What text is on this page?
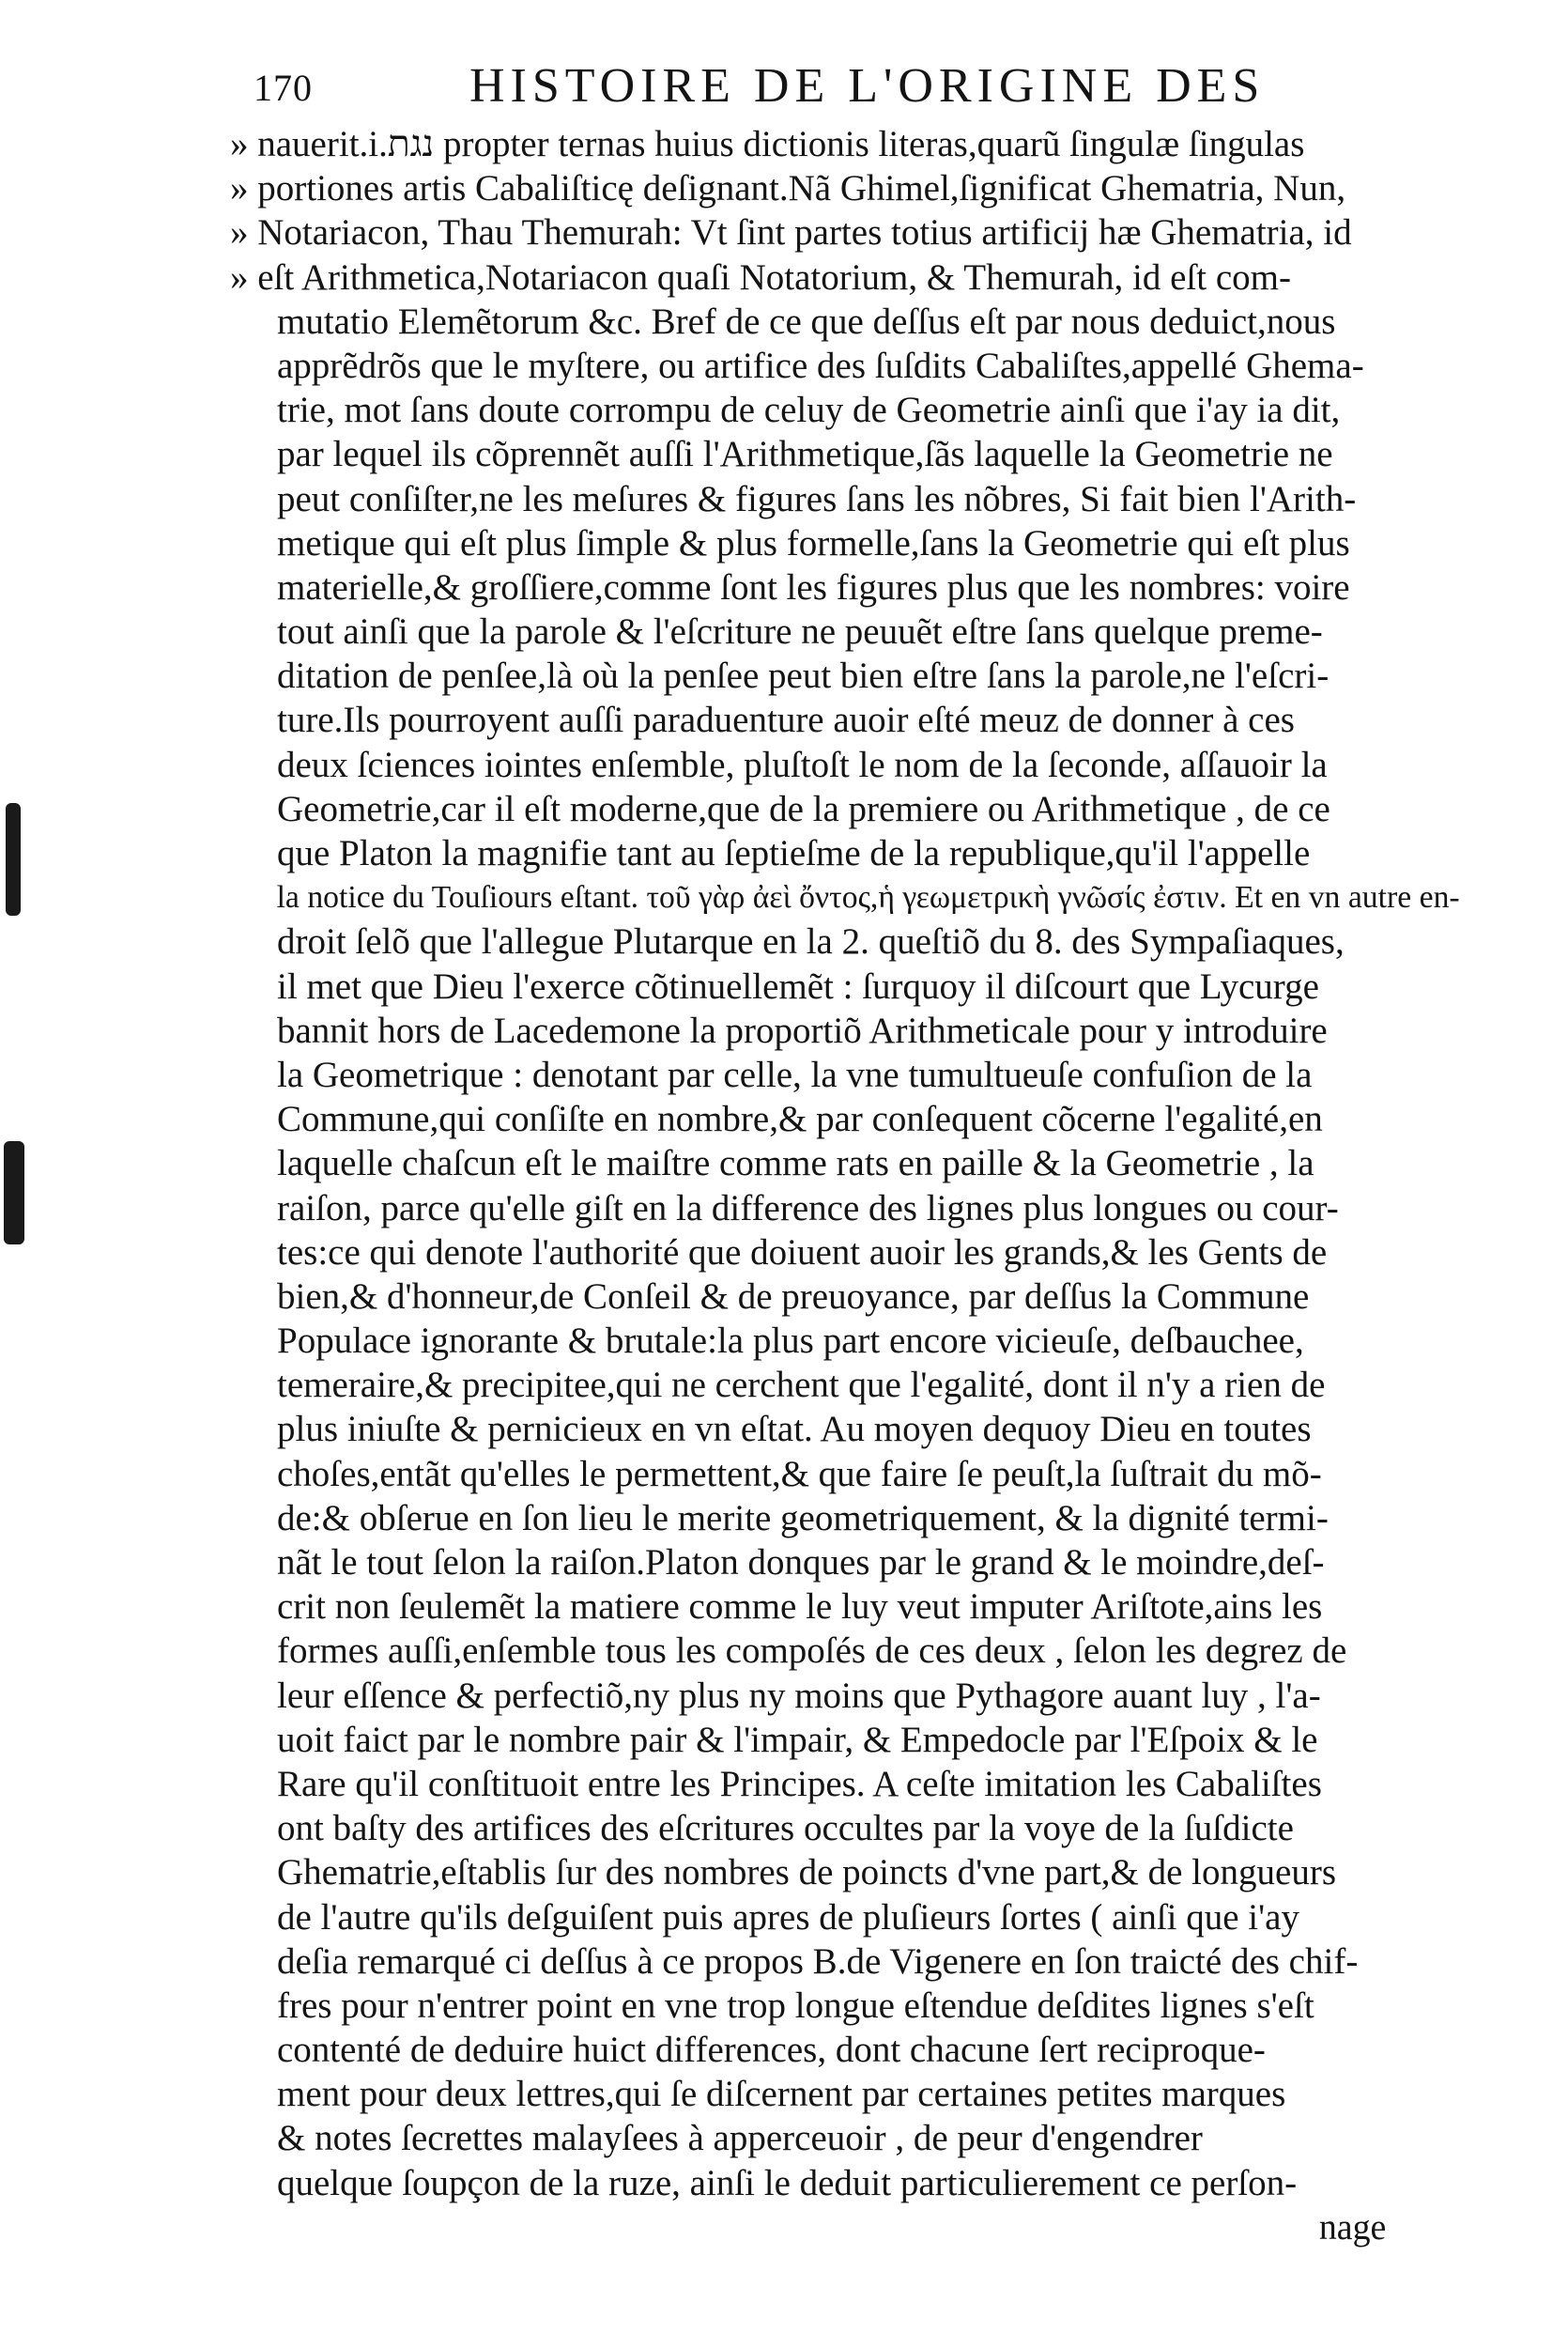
170	HISTOIRE DE L'ORIGINE DES
» nauerit.i.נגת propter ternas huius dictionis literas,quarũ ſingulæ ſingulas
» portiones artis Cabaliſticę deſignant.Nã Ghimel,ſignificat Ghematria, Nun,
» Notariacon, Thau Themurah: Vt ſint partes totius artificij hæ Ghematria, id
» eſt Arithmetica,Notariacon quaſi Notatorium, & Themurah, id eſt com-
mutatio Elemẽtorum &c. Bref de ce que deſſus eſt par nous deduict,nous
apprẽdrõs que le myſtere, ou artifice des ſuſdits Cabaliſtes,appellé Ghema-
trie, mot ſans doute corrompu de celuy de Geometrie ainſi que i'ay ia dit,
par lequel ils cõprennẽt auſſi l'Arithmetique,ſãs laquelle la Geometrie ne
peut conſiſter,ne les meſures & figures ſans les nõbres, Si fait bien l'Arith-
metique qui eſt plus ſimple & plus formelle,ſans la Geometrie qui eſt plus
materielle,& groſſiere,comme ſont les figures plus que les nombres: voire
tout ainſi que la parole & l'eſcriture ne peuuẽt eſtre ſans quelque preme-
ditation de penſee,là où la penſee peut bien eſtre ſans la parole,ne l'eſcri-
ture.Ils pourroyent auſſi paraduenture auoir eſté meuz de donner à ces
deux ſciences iointes enſemble, pluſtoſt le nom de la ſeconde, aſſauoir la
Geometrie,car il eſt moderne,que de la premiere ou Arithmetique , de ce
que Platon la magnifie tant au ſeptieſme de la republique,qu'il l'appelle
la notice du Touſiours eſtant. τοῦ γὰρ ἀεὶ ὄντος,ἡ γεωμετρικὴ γνῶσίς ἐστιν. Et en vn autre en-
droit ſelõ que l'allegue Plutarque en la 2. queſtiõ du 8. des Sympaſiaques,
il met que Dieu l'exerce cõtinuellemẽt : ſurquoy il diſcourt que Lycurge
bannit hors de Lacedemone la proportiõ Arithmeticale pour y introduire
la Geometrique : denotant par celle, la vne tumultueuſe confuſion de la
Commune,qui conſiſte en nombre,& par conſequent cõcerne l'egalité,en
laquelle chaſcun eſt le maiſtre comme rats en paille & la Geometrie , la
raiſon, parce qu'elle giſt en la difference des lignes plus longues ou cour-
tes:ce qui denote l'authorité que doiuent auoir les grands,& les Gents de
bien,& d'honneur,de Conſeil & de preuoyance, par deſſus la Commune
Populace ignorante & brutale:la plus part encore vicieuſe, deſbauchee,
temeraire,& precipitee,qui ne cerchent que l'egalité, dont il n'y a rien de
plus iniuſte & pernicieux en vn eſtat. Au moyen dequoy Dieu en toutes
choſes,entãt qu'elles le permettent,& que faire ſe peuſt,la ſuſtrait du mõ-
de:& obſerue en ſon lieu le merite geometriquement, & la dignité termi-
nãt le tout ſelon la raiſon.Platon donques par le grand & le moindre,deſ-
crit non ſeulemẽt la matiere comme le luy veut imputer Ariſtote,ains les
formes auſſi,enſemble tous les compoſés de ces deux , ſelon les degrez de
leur eſſence & perfectiõ,ny plus ny moins que Pythagore auant luy , l'a-
uoit faict par le nombre pair & l'impair, & Empedocle par l'Eſpoix & le
Rare qu'il conſtituoit entre les Principes. A ceſte imitation les Cabaliſtes
ont baſty des artifices des eſcritures occultes par la voye de la ſuſdicte
Ghematrie,eſtablis ſur des nombres de poincts d'vne part,& de longueurs
de l'autre qu'ils deſguiſent puis apres de pluſieurs ſortes ( ainſi que i'ay
deſia remarqué ci deſſus à ce propos B.de Vigenere en ſon traicté des chif-
fres pour n'entrer point en vne trop longue eſtendue deſdites lignes s'eſt
contenté de deduire huict differences, dont chacune ſert reciproque-
ment pour deux lettres,qui ſe diſcernent par certaines petites marques
& notes ſecrettes malayſees à apperceuoir , de peur d'engendrer
quelque ſoupçon de la ruze, ainſi le deduit particulierement ce perſon-
nage
